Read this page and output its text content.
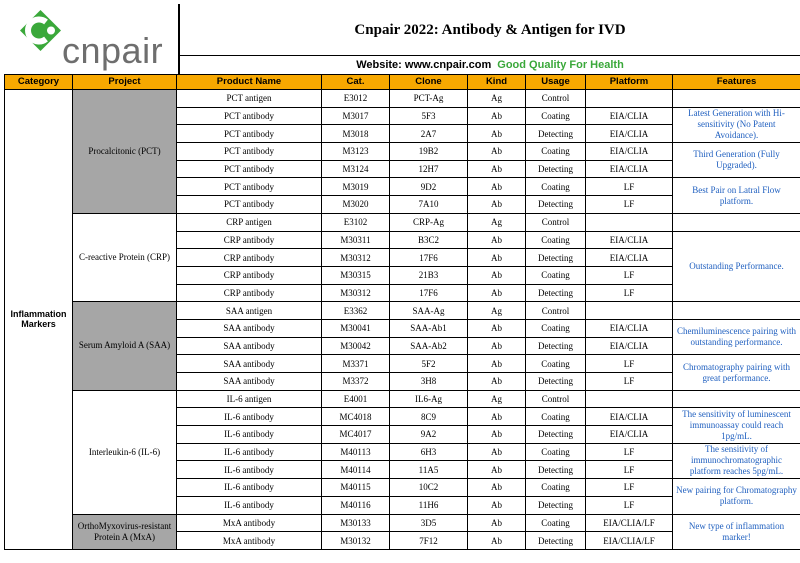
cnpair
Cnpair 2022: Antibody & Antigen for IVD
Website: www.cnpair.com Good Quality For Health
Category	Project	Product Name	Cat.	Clone	Kind	Usage	Platform	Features
Inflammation Markers	Procalcitonic (PCT)	PCT antigen	E3012	PCT-Ag	Ag	Control		
		PCT antibody	M3017	5F3	Ab	Coating	EIA/CLIA	Latest Generation with Hi-sensitivity (No Patent Avoidance).
		PCT antibody	M3018	2A7	Ab	Detecting	EIA/CLIA	
		PCT antibody	M3123	19B2	Ab	Coating	EIA/CLIA	Third Generation (Fully Upgraded).
		PCT antibody	M3124	12H7	Ab	Detecting	EIA/CLIA	
		PCT antibody	M3019	9D2	Ab	Coating	LF	Best Pair on Latral Flow platform.
		PCT antibody	M3020	7A10	Ab	Detecting	LF	
	C-reactive Protein (CRP)	CRP antigen	E3102	CRP-Ag	Ag	Control		
		CRP antibody	M30311	B3C2	Ab	Coating	EIA/CLIA	Outstanding Performance.
		CRP antibody	M30312	17F6	Ab	Detecting	EIA/CLIA	
		CRP antibody	M30315	21B3	Ab	Coating	LF	
		CRP antibody	M30312	17F6	Ab	Detecting	LF	
	Serum Amyloid A (SAA)	SAA antigen	E3362	SAA-Ag	Ag	Control		
		SAA antibody	M30041	SAA-Ab1	Ab	Coating	EIA/CLIA	Chemiluminescence pairing with outstanding performance.
		SAA antibody	M30042	SAA-Ab2	Ab	Detecting	EIA/CLIA	
		SAA antibody	M3371	5F2	Ab	Coating	LF	Chromatography pairing with great performance.
		SAA antibody	M3372	3H8	Ab	Detecting	LF	
	Interleukin-6 (IL-6)	IL-6 antigen	E4001	IL6-Ag	Ag	Control		
		IL-6 antibody	MC4018	8C9	Ab	Coating	EIA/CLIA	The sensitivity of luminescent immunoassay could reach 1pg/mL.
		IL-6 antibody	MC4017	9A2	Ab	Detecting	EIA/CLIA	
		IL-6 antibody	M40113	6H3	Ab	Coating	LF	The sensitivity of immunochromatographic platform reaches 5pg/mL.
		IL-6 antibody	M40114	11A5	Ab	Detecting	LF	
		IL-6 antibody	M40115	10C2	Ab	Coating	LF	New pairing for Chromatography platform.
		IL-6 antibody	M40116	11H6	Ab	Detecting	LF	
	OrthoMyxovirus-resistant Protein A (MxA)	MxA antibody	M30133	3D5	Ab	Coating	EIA/CLIA/LF	New type of inflammation marker!
		MxA antibody	M30132	7F12	Ab	Detecting	EIA/CLIA/LF	
